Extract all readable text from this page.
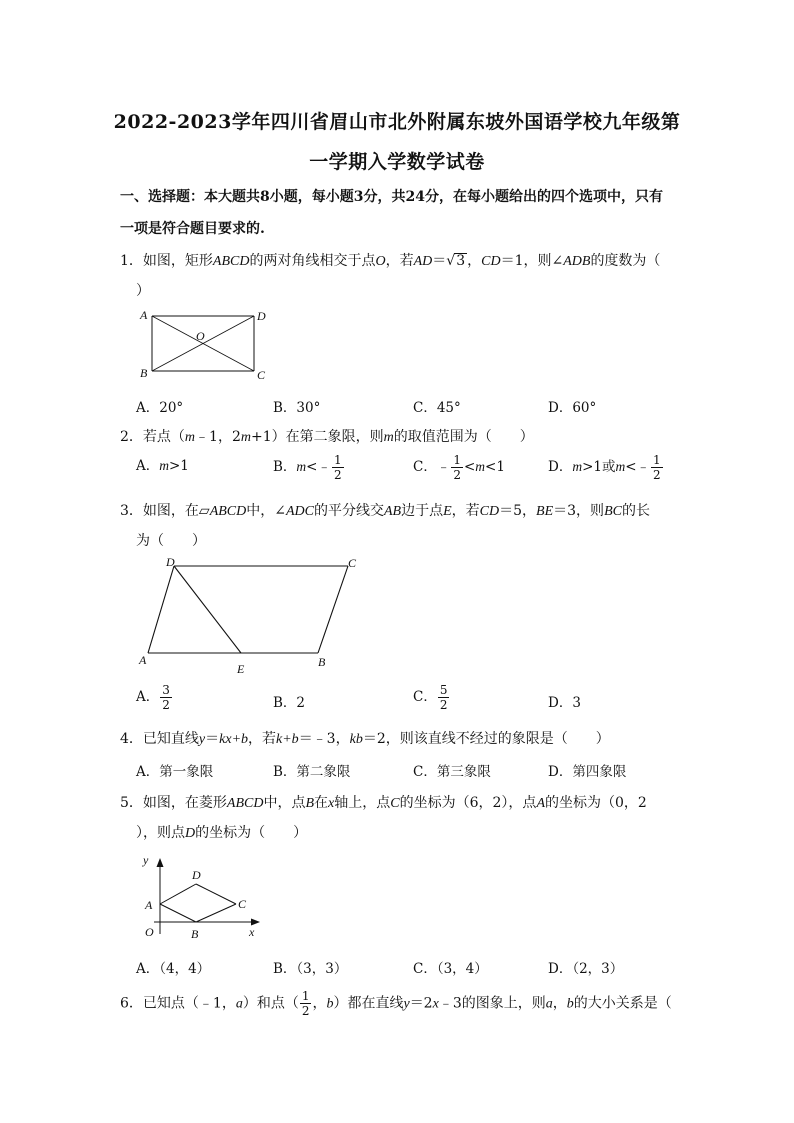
2022-2023学年四川省眉山市北外附属东坡外国语学校九年级第
一学期入学数学试卷
一、选择题：本大题共8小题，每小题3分，共24分，在每小题给出的四个选项中，只有
一项是符合题目要求的.
1．如图，矩形ABCD的两对角线相交于点O，若AD＝√3 ，CD＝1，则∠ADB的度数为（
）
A	D
O
B	C
A．20°	B．30°	C．45°	D．60°
2．若点（m﹣1，2m+1）在第二象限，则m的取值范围为（　　）
A．m>1	B．m<﹣ $\frac{1}{2}$	C．﹣ $\frac{1}{2} <m<1$	D．m>1或m<﹣ $\frac{1}{2}$
3．如图，在▱ABCD中，∠ADC的平分线交AB边于点E，若CD＝5，BE＝3，则BC的长
为（　　）
D	C
A
E	B
A． $\frac{3}{2}$	B．2	C． $\frac{5}{2}$	D．3
4．已知直线y＝kx+b，若k+b＝﹣3，kb＝2，则该直线不经过的象限是（　　）
A．第一象限	B．第二象限	C．第三象限	D．第四象限
5．如图，在菱形ABCD中，点B在x轴上，点C的坐标为（6，2），点A的坐标为（0，2
），则点D的坐标为（　　）
y
D
A	C
O	B	x
A．（4，4）	B．（3，3）	C．（3，4）	D．（2，3）
6．已知点（﹣1，a）和点（ $\frac{1}{2}$ ，b）都在直线y＝2x﹣3的图象上，则a，b的大小关系是（
